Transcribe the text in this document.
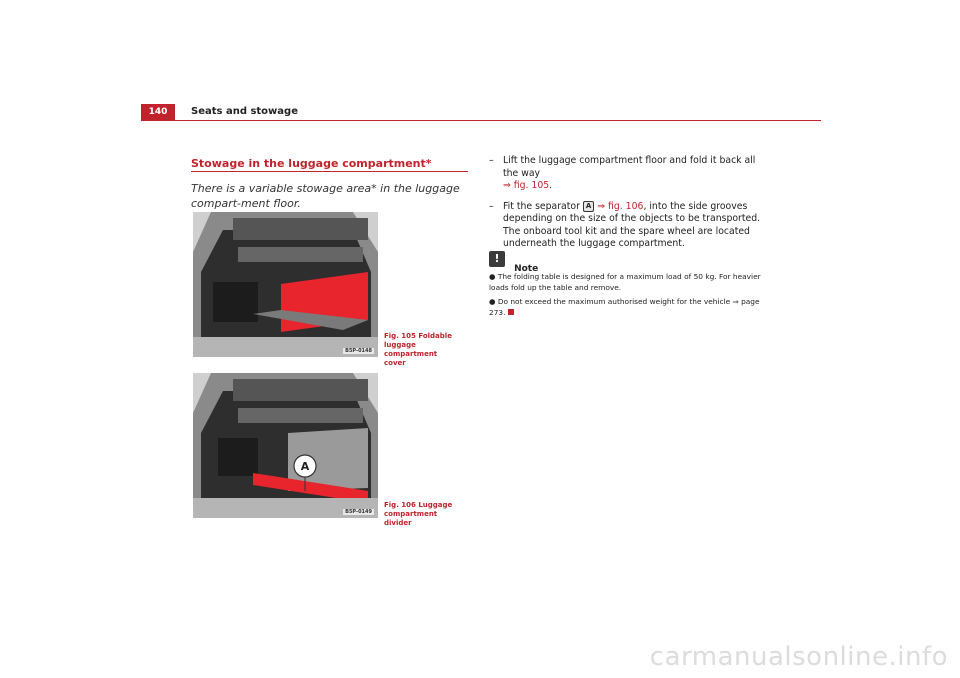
140	Seats and stowage
Stowage in the luggage compartment*
There is a variable stowage area* in the luggage compart-ment floor.
B5P-0148
Fig. 105 Foldable
luggage compartment
cover
A
B5P-0149
Fig. 106 Luggage
compartment divider
– Lift the luggage compartment floor and fold it back all the way
⇒ fig. 105.
– Fit the separator A ⇒ fig. 106, into the side grooves depending on the size of the objects to be transported. The onboard tool kit and the spare wheel are located underneath the luggage compartment.
! $_{Note}$
● The folding table is designed for a maximum load of 50 kg. For heavier loads fold up the table and remove.
● Do not exceed the maximum authorised weight for the vehicle ⇒ page 273.
carmanualsonline.info
